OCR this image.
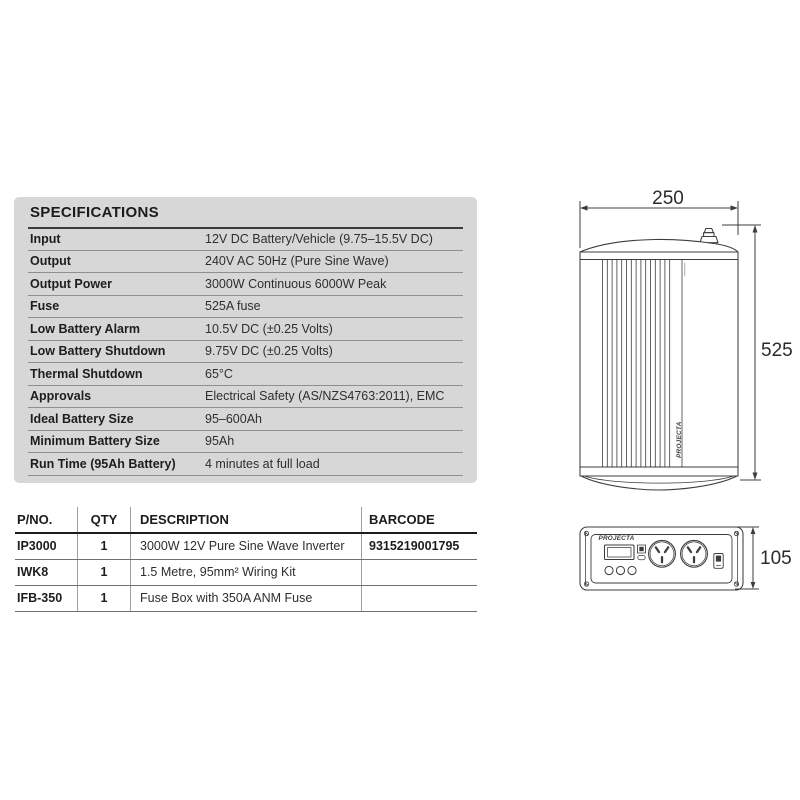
SPECIFICATIONS
Input	12V DC Battery/Vehicle (9.75–15.5V DC)
Output	240V AC 50Hz (Pure Sine Wave)
Output Power	3000W Continuous 6000W Peak
Fuse	525A fuse
Low Battery Alarm	10.5V DC (±0.25 Volts)
Low Battery Shutdown	9.75V DC (±0.25 Volts)
Thermal Shutdown	65°C
Approvals	Electrical Safety (AS/NZS4763:2011), EMC
Ideal Battery Size	95–600Ah
Minimum Battery Size	95Ah
Run Time (95Ah Battery)	4 minutes at full load
P/NO.	QTY	DESCRIPTION	BARCODE
IP3000	1	3000W 12V Pure Sine Wave Inverter	9315219001795
IWK8	1	1.5 Metre, 95mm² Wiring Kit
IFB-350	1	Fuse Box with 350A ANM Fuse
250
PROJECTA
525
PROJECTA
105
